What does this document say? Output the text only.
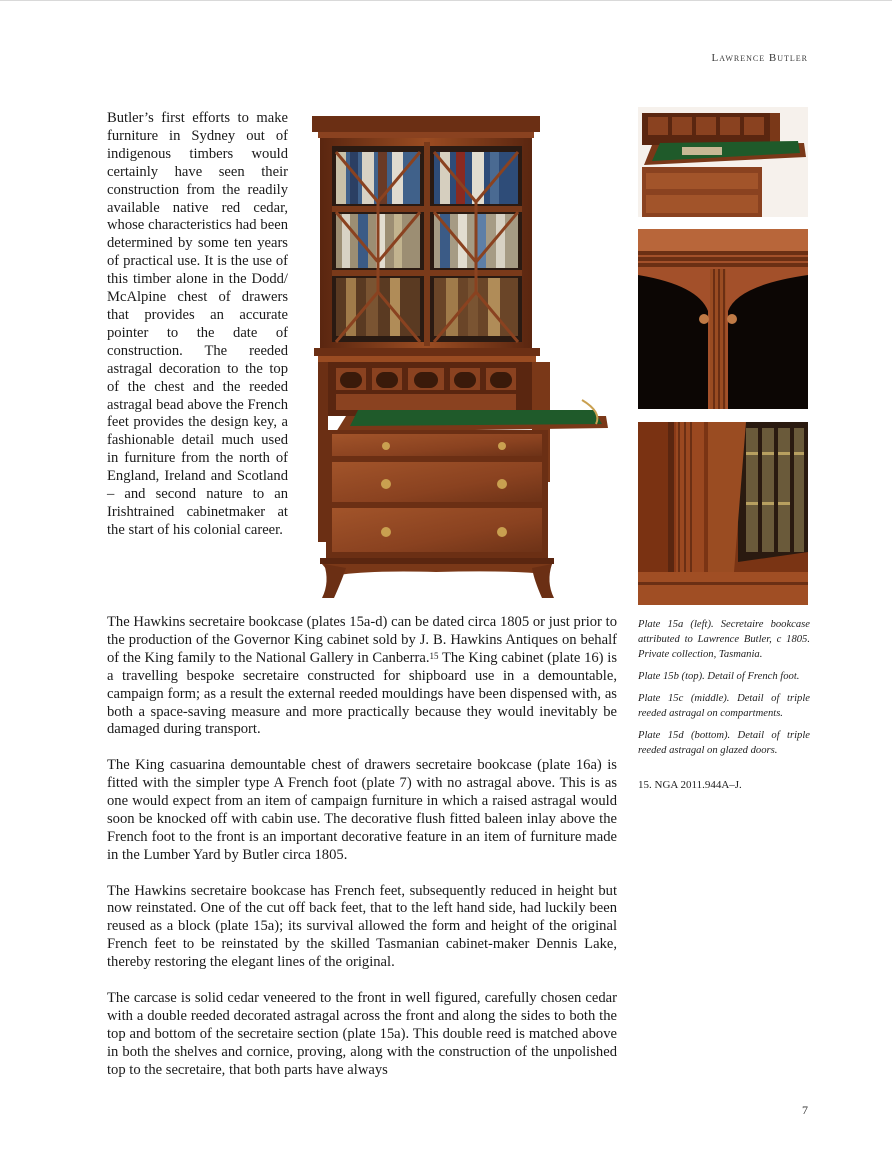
Lawrence Butler

Butler’s first efforts to make furniture in Sydney out of indigenous timbers would certainly have seen their construction from the readily available native red cedar, whose characteristics had been determined by some ten years of practical use. It is the use of this timber alone in the Dodd/ McAlpine chest of drawers that provides an accurate pointer to the date of construction. The reeded astragal decoration to the top of the chest and the reeded astragal bead above the French feet provides the design key, a fashionable detail much used in furniture from the north of England, Ireland and Scotland – and second nature to an Irishtrained cabinetmaker at the start of his colonial career.

The Hawkins secretaire bookcase (plates 15a-d) can be dated circa 1805 or just prior to the production of the Governor King cabinet sold by J. B. Hawkins Antiques on behalf of the King family to the National Gallery in Canberra.$^{15}$ The King cabinet (plate 16) is a travelling bespoke secretaire constructed for shipboard use in a demountable, campaign form; as a result the external reeded mouldings have been dispensed with, as both a space-saving measure and more practically because they would inevitably be damaged during transport.

The King casuarina demountable chest of drawers secretaire bookcase (plate 16a) is fitted with the simpler type A French foot (plate 7) with no astragal above. This is as one would expect from an item of campaign furniture in which a raised astragal would soon be knocked off with cabin use. The decorative flush fitted baleen inlay above the French foot to the front is an important decorative feature in an item of furniture made in the Lumber Yard by Butler circa 1805.

The Hawkins secretaire bookcase has French feet, subsequently reduced in height but now reinstated. One of the cut off back feet, that to the left hand side, had luckily been reused as a block (plate 15a); its survival allowed the form and height of the original French feet to be reinstated by the skilled Tasmanian cabinet-maker Dennis Lake, thereby restoring the elegant lines of the original.

The carcase is solid cedar veneered to the front in well figured, carefully chosen cedar with a double reeded decorated astragal across the front and along the sides to both the top and bottom of the secretaire section (plate 15a). This double reed is matched above in both the shelves and cornice, proving, along with the construction of the unpolished top to the secretaire, that both parts have always

Plate 15a (left). Secretaire bookcase attributed to Lawrence Butler, c 1805. Private collection, Tasmania.

Plate 15b (top). Detail of French foot.

Plate 15c (middle). Detail of triple reeded astragal on compartments.

Plate 15d (bottom). Detail of triple reeded astragal on glazed doors.

15. NGA 2011.944A–J.
7
